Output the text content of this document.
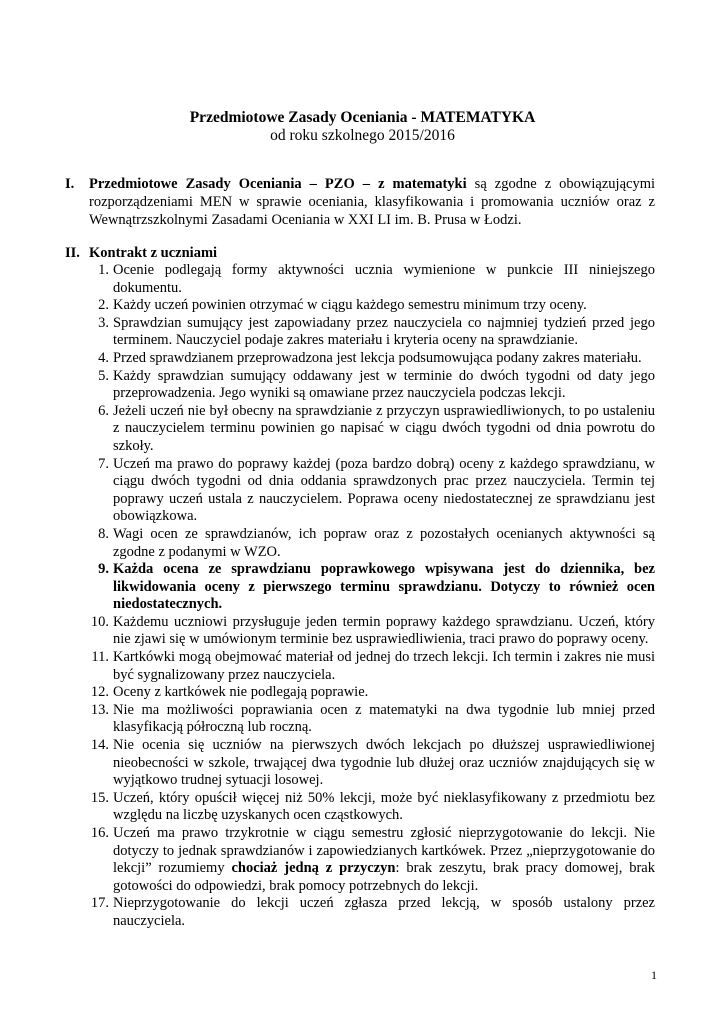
Przedmiotowe Zasady Oceniania - MATEMATYKA
od roku szkolnego 2015/2016
I.	Przedmiotowe Zasady Oceniania – PZO – z matematyki są zgodne z obowiązującymi rozporządzeniami MEN w sprawie oceniania, klasyfikowania i promowania uczniów oraz z Wewnątrzszkolnymi Zasadami Oceniania w XXI LI im. B. Prusa w Łodzi.
II. Kontrakt z uczniami
1 . Ocenie podlegają formy aktywności ucznia wymienione w punkcie III niniejszego dokumentu.
2 . Każdy uczeń powinien otrzymać w ciągu każdego semestru minimum trzy oceny.
3 . Sprawdzian sumujący jest zapowiadany przez nauczyciela co najmniej tydzień przed jego terminem. Nauczyciel podaje zakres materiału i kryteria oceny na sprawdzianie.
4 . Przed sprawdzianem przeprowadzona jest lekcja podsumowująca podany zakres materiału.
5 . Każdy sprawdzian sumujący oddawany jest w terminie do dwóch tygodni od daty jego przeprowadzenia. Jego wyniki są omawiane przez nauczyciela podczas lekcji.
6 . Jeżeli uczeń nie był obecny na sprawdzianie z przyczyn usprawiedliwionych, to po ustaleniu z nauczycielem terminu powinien go napisać w ciągu dwóch tygodni od dnia powrotu do szkoły.
7 . Uczeń ma prawo do poprawy każdej (poza bardzo dobrą) oceny z każdego sprawdzianu, w ciągu dwóch tygodni od dnia oddania sprawdzonych prac przez nauczyciela. Termin tej poprawy uczeń ustala z nauczycielem. Poprawa oceny niedostatecznej ze sprawdzianu jest obowiązkowa.
8 . Wagi ocen ze sprawdzianów, ich popraw oraz z pozostałych ocenianych aktywności są zgodne z podanymi w WZO.
9 . Każda ocena ze sprawdzianu poprawkowego wpisywana jest do dziennika, bez likwidowania oceny z pierwszego terminu sprawdzianu. Dotyczy to również ocen niedostatecznych.
10 . Każdemu uczniowi przysługuje jeden termin poprawy każdego sprawdzianu. Uczeń, który nie zjawi się w umówionym terminie bez usprawiedliwienia, traci prawo do poprawy oceny.
11 . Kartkówki mogą obejmować materiał od jednej do trzech lekcji. Ich termin i zakres nie musi być sygnalizowany przez nauczyciela.
12 . Oceny z kartkówek nie podlegają poprawie.
13 . Nie ma możliwości poprawiania ocen z matematyki na dwa tygodnie lub mniej przed klasyfikacją półroczną lub roczną.
14 . Nie ocenia się uczniów na pierwszych dwóch lekcjach po dłuższej usprawiedliwionej nieobecności w szkole, trwającej dwa tygodnie lub dłużej oraz uczniów znajdujących się w wyjątkowo trudnej sytuacji losowej.
15 . Uczeń, który opuścił więcej niż 50% lekcji, może być nieklasyfikowany z przedmiotu bez względu na liczbę uzyskanych ocen cząstkowych.
16 . Uczeń ma prawo trzykrotnie w ciągu semestru zgłosić nieprzygotowanie do lekcji. Nie dotyczy to jednak sprawdzianów i zapowiedzianych kartkówek. Przez „nieprzygotowanie do lekcji” rozumiemy chociaż jedną z przyczyn: brak zeszytu, brak pracy domowej, brak gotowości do odpowiedzi, brak pomocy potrzebnych do lekcji.
17 . Nieprzygotowanie do lekcji uczeń zgłasza przed lekcją, w sposób ustalony przez nauczyciela.
1
